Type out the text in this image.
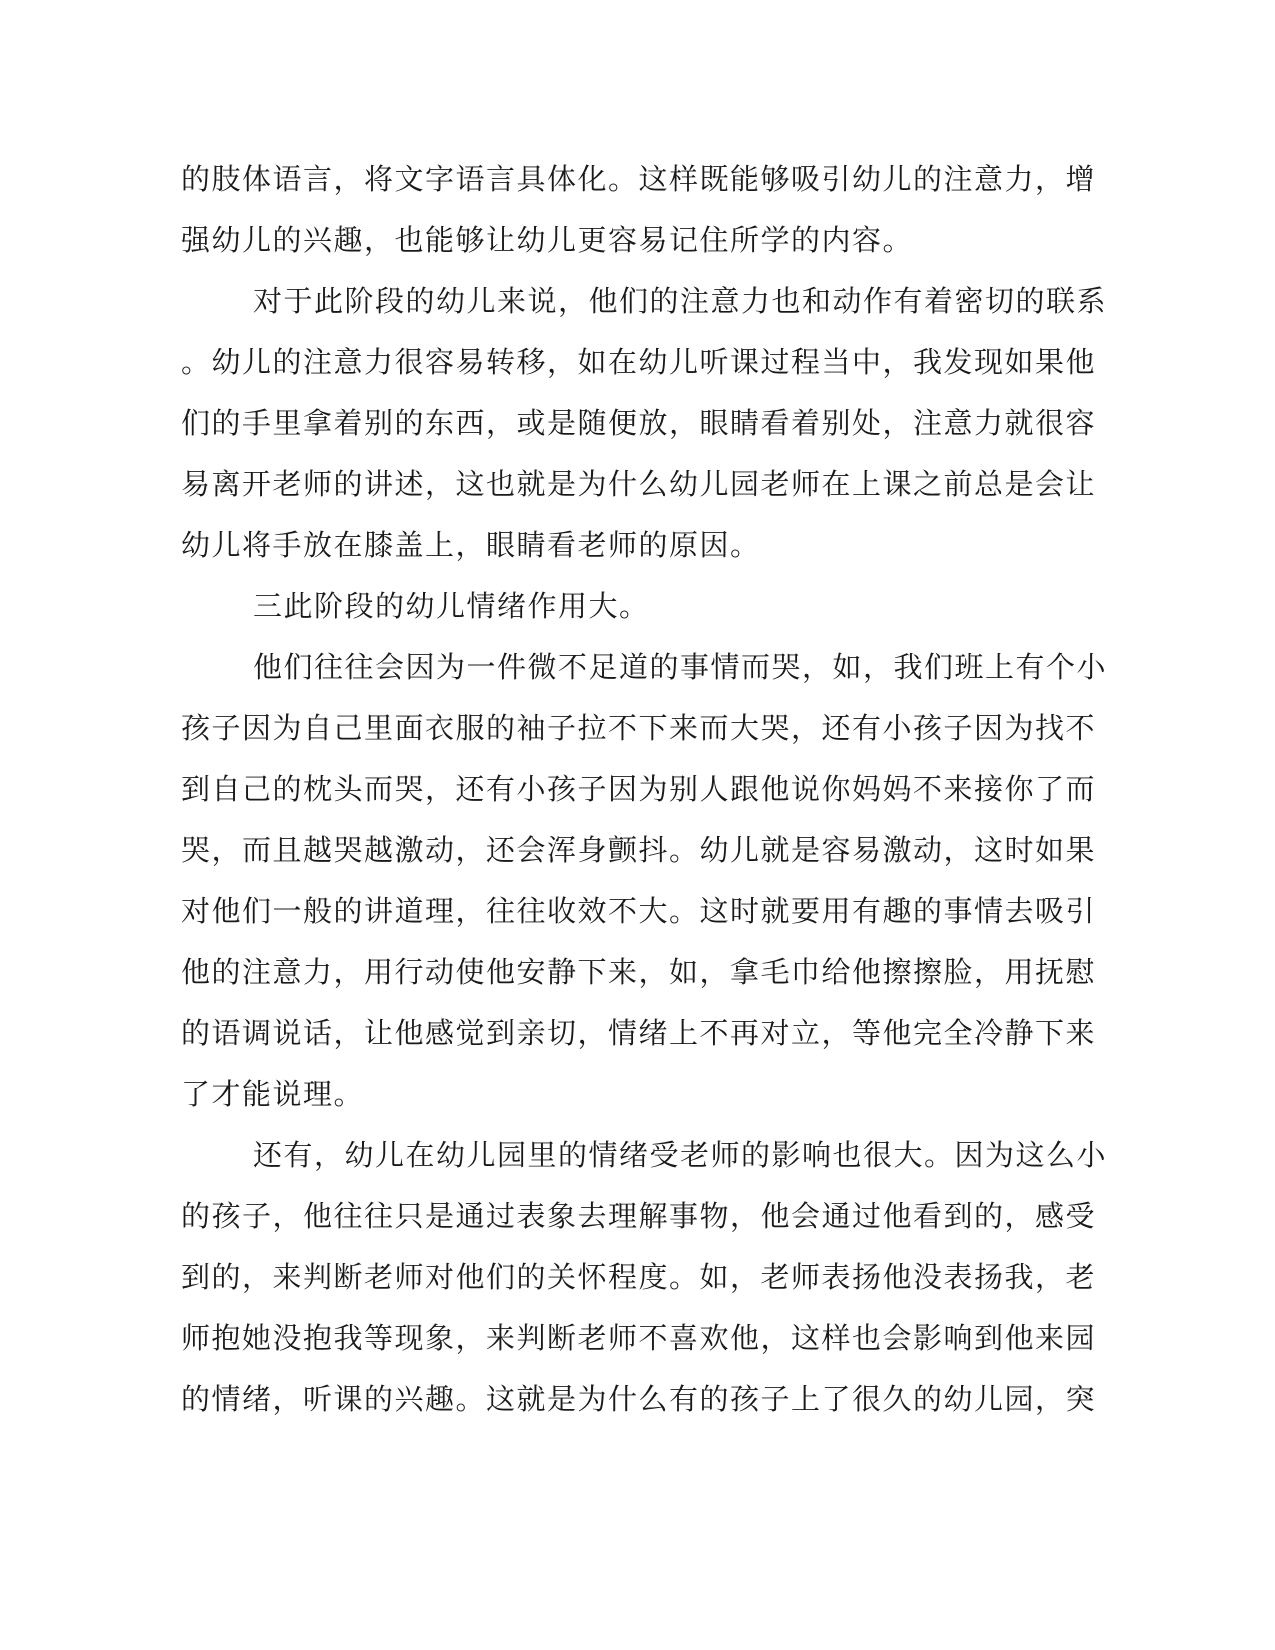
的肢体语言，将文字语言具体化。这样既能够吸引幼儿的注意力，增
强幼儿的兴趣，也能够让幼儿更容易记住所学的内容。
对于此阶段的幼儿来说，他们的注意力也和动作有着密切的联系
。幼儿的注意力很容易转移，如在幼儿听课过程当中，我发现如果他
们的手里拿着别的东西，或是随便放，眼睛看着别处，注意力就很容
易离开老师的讲述，这也就是为什么幼儿园老师在上课之前总是会让
幼儿将手放在膝盖上，眼睛看老师的原因。
三此阶段的幼儿情绪作用大。
他们往往会因为一件微不足道的事情而哭，如，我们班上有个小
孩子因为自己里面衣服的袖子拉不下来而大哭，还有小孩子因为找不
到自己的枕头而哭，还有小孩子因为别人跟他说你妈妈不来接你了而
哭，而且越哭越激动，还会浑身颤抖。幼儿就是容易激动，这时如果
对他们一般的讲道理，往往收效不大。这时就要用有趣的事情去吸引
他的注意力，用行动使他安静下来，如，拿毛巾给他擦擦脸，用抚慰
的语调说话，让他感觉到亲切，情绪上不再对立，等他完全冷静下来
了才能说理。
还有，幼儿在幼儿园里的情绪受老师的影响也很大。因为这么小
的孩子，他往往只是通过表象去理解事物，他会通过他看到的，感受
到的，来判断老师对他们的关怀程度。如，老师表扬他没表扬我，老
师抱她没抱我等现象，来判断老师不喜欢他，这样也会影响到他来园
的情绪，听课的兴趣。这就是为什么有的孩子上了很久的幼儿园，突
